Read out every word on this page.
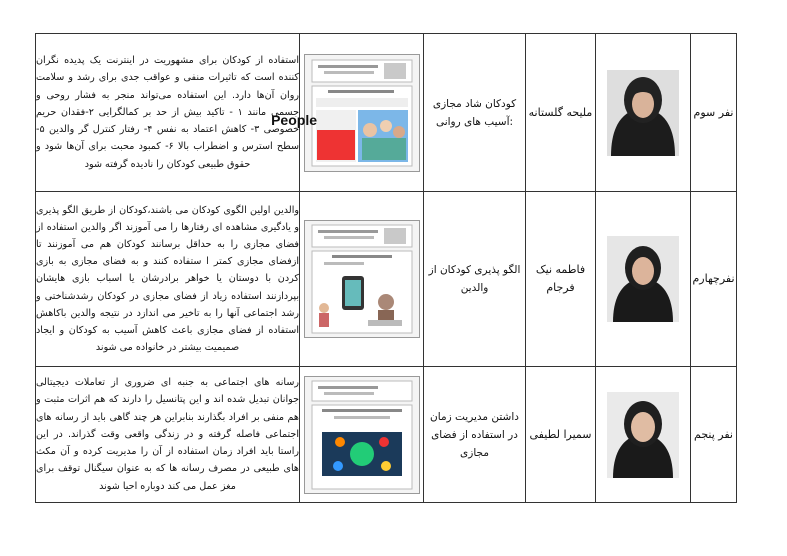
نفر سوم		ملیحه گلستانه	کودکان شاد مجازی :آسیب های روانی	People	استفاده از کودکان برای مشهوریت در اینترنت یک پدیده نگران کننده است که تاثیرات منفی و عواقب جدی برای رشد و سلامت روان آن‌ها دارد. این استفاده می‌تواند منجر به فشار روحی و جسمی مانند ۱ - تاکید بیش از حد بر کمالگرایی ۲-فقدان حریم خصوصی ۳- کاهش اعتماد به نفس ۴- رفتار کنترل گر والدین ۵- سطح استرس و اضطراب بالا ۶- کمبود محبت برای آن‌ها شود و حقوق طبیعی کودکان را نادیده گرفته شود
نفرچهارم		فاطمه نیک فرجام	الگو پذیری کودکان از والدین		والدین اولین الگوی کودکان می باشند،کودکان از طریق الگو پذیری و یادگیری مشاهده ای رفتارها را می آموزند اگر والدین استفاده از فضای مجازی را به حداقل برسانند کودکان هم می آموزنند تا ازفضای مجازی کمتر ا ستفاده کنند و به فضای مجازی به بازی کردن با دوستان یا خواهر برادرشان یا اسباب بازی هایشان بپردازنند استفاده زیاد از فضای مجازی در کودکان رشدشناختی و رشد اجتماعی آنها را به تاخیر می اندازد در نتیجه والدین باکاهش استفاده از فضای مجازی باعث کاهش آسیب به کودکان و ایجاد صمیمیت بیشتر در خانواده می شوند
نفر پنجم		سمیرا لطیفی	داشتن مدیریت زمان در استفاده از فضای مجازی		رسانه های اجتماعی به جنبه ای ضروری از تعاملات دیجیتالی جوانان تبدیل شده اند و این پتانسیل را دارند که هم اثرات مثبت و هم منفی بر افراد بگذارند بنابراین هر چند گاهی باید از رسانه های اجتماعی فاصله گرفته و در زندگی واقعی وقت گذراند. در این راستا باید افراد زمان استفاده از آن را مدیریت کرده و آن مکث های طبیعی در مصرف رسانه ها که به عنوان سیگنال توقف برای مغز عمل می کند دوباره احیا شوند
